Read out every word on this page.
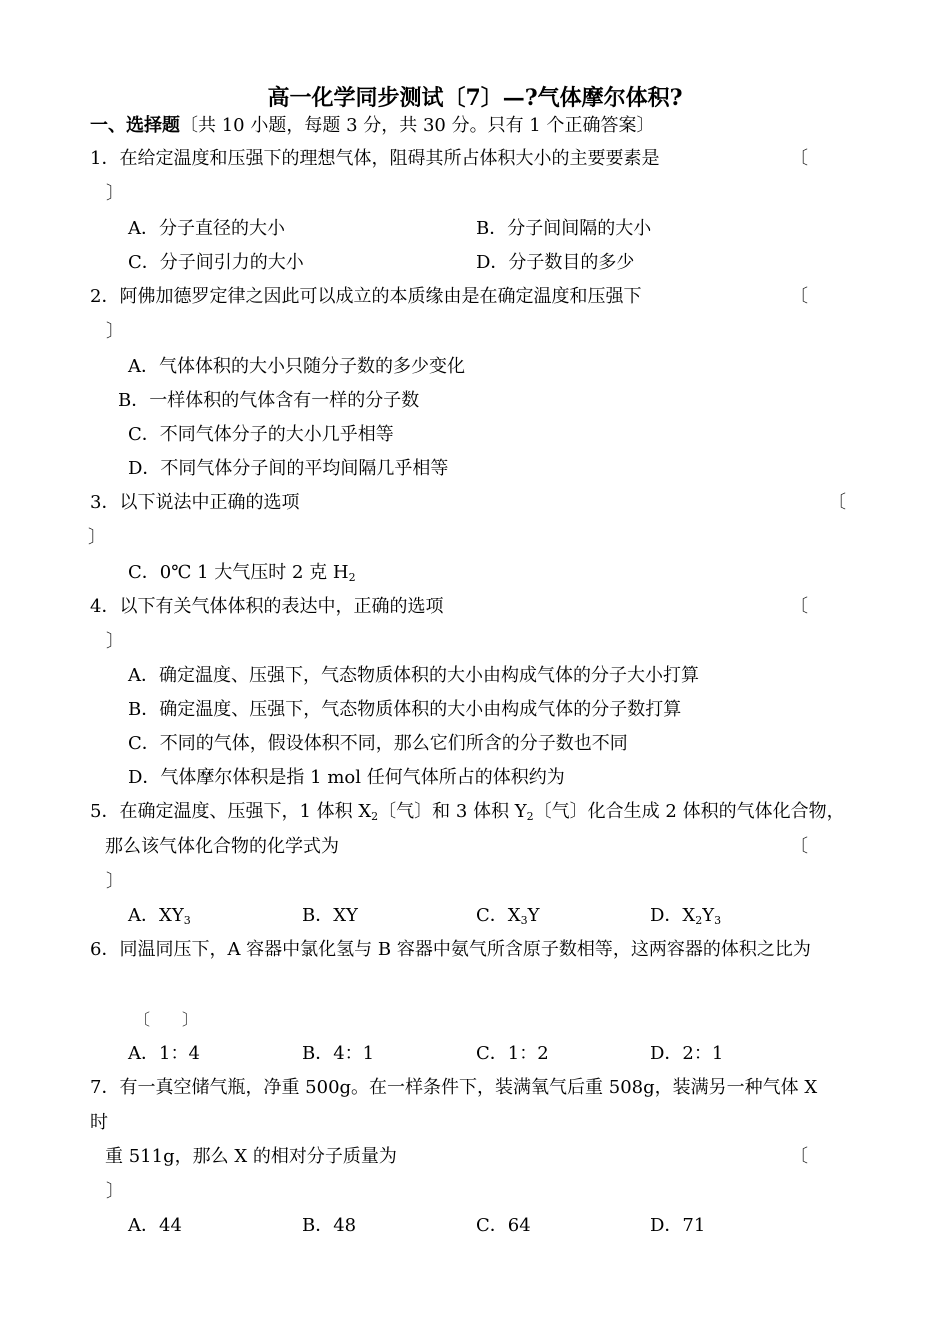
高一化学同步测试〔7〕—?气体摩尔体积?
一、选择题〔共 10 小题，每题 3 分，共 30 分。只有 1 个正确答案〕
1．在给定温度和压强下的理想气体，阻碍其所占体积大小的主要要素是	〔
〕
A．分子直径的大小	B．分子间间隔的大小
C．分子间引力的大小	D．分子数目的多少
2．阿佛加德罗定律之因此可以成立的本质缘由是在确定温度和压强下	〔
〕
A．气体体积的大小只随分子数的多少变化
B．一样体积的气体含有一样的分子数
C．不同气体分子的大小几乎相等
D．不同气体分子间的平均间隔几乎相等
3．以下说法中正确的选项	〔
〕
C．0℃ 1 大气压时 2 克 $H_2$
4．以下有关气体体积的表达中，正确的选项	〔
〕
A．确定温度、压强下，气态物质体积的大小由构成气体的分子大小打算
B．确定温度、压强下，气态物质体积的大小由构成气体的分子数打算
C．不同的气体，假设体积不同，那么它们所含的分子数也不同
D．气体摩尔体积是指 1 mol 任何气体所占的体积约为
5．在确定温度、压强下，1 体积 $X_2$〔气〕和 3 体积 $Y_2$〔气〕化合生成 2 体积的气体化合物，
那么该气体化合物的化学式为	〔
〕
A．$XY_3$	B．XY	C．$X_3Y$	D．$X_2Y_3$
6．同温同压下，A 容器中氯化氢与 B 容器中氨气所含原子数相等，这两容器的体积之比为
〔　　〕
A．1：4	B．4：1	C．1：2	D．2：1
7．有一真空储气瓶，净重 500g。在一样条件下，装满氧气后重 508g，装满另一种气体 X
时
重 511g，那么 X 的相对分子质量为	〔
〕
A．44	B．48	C．64	D．71
